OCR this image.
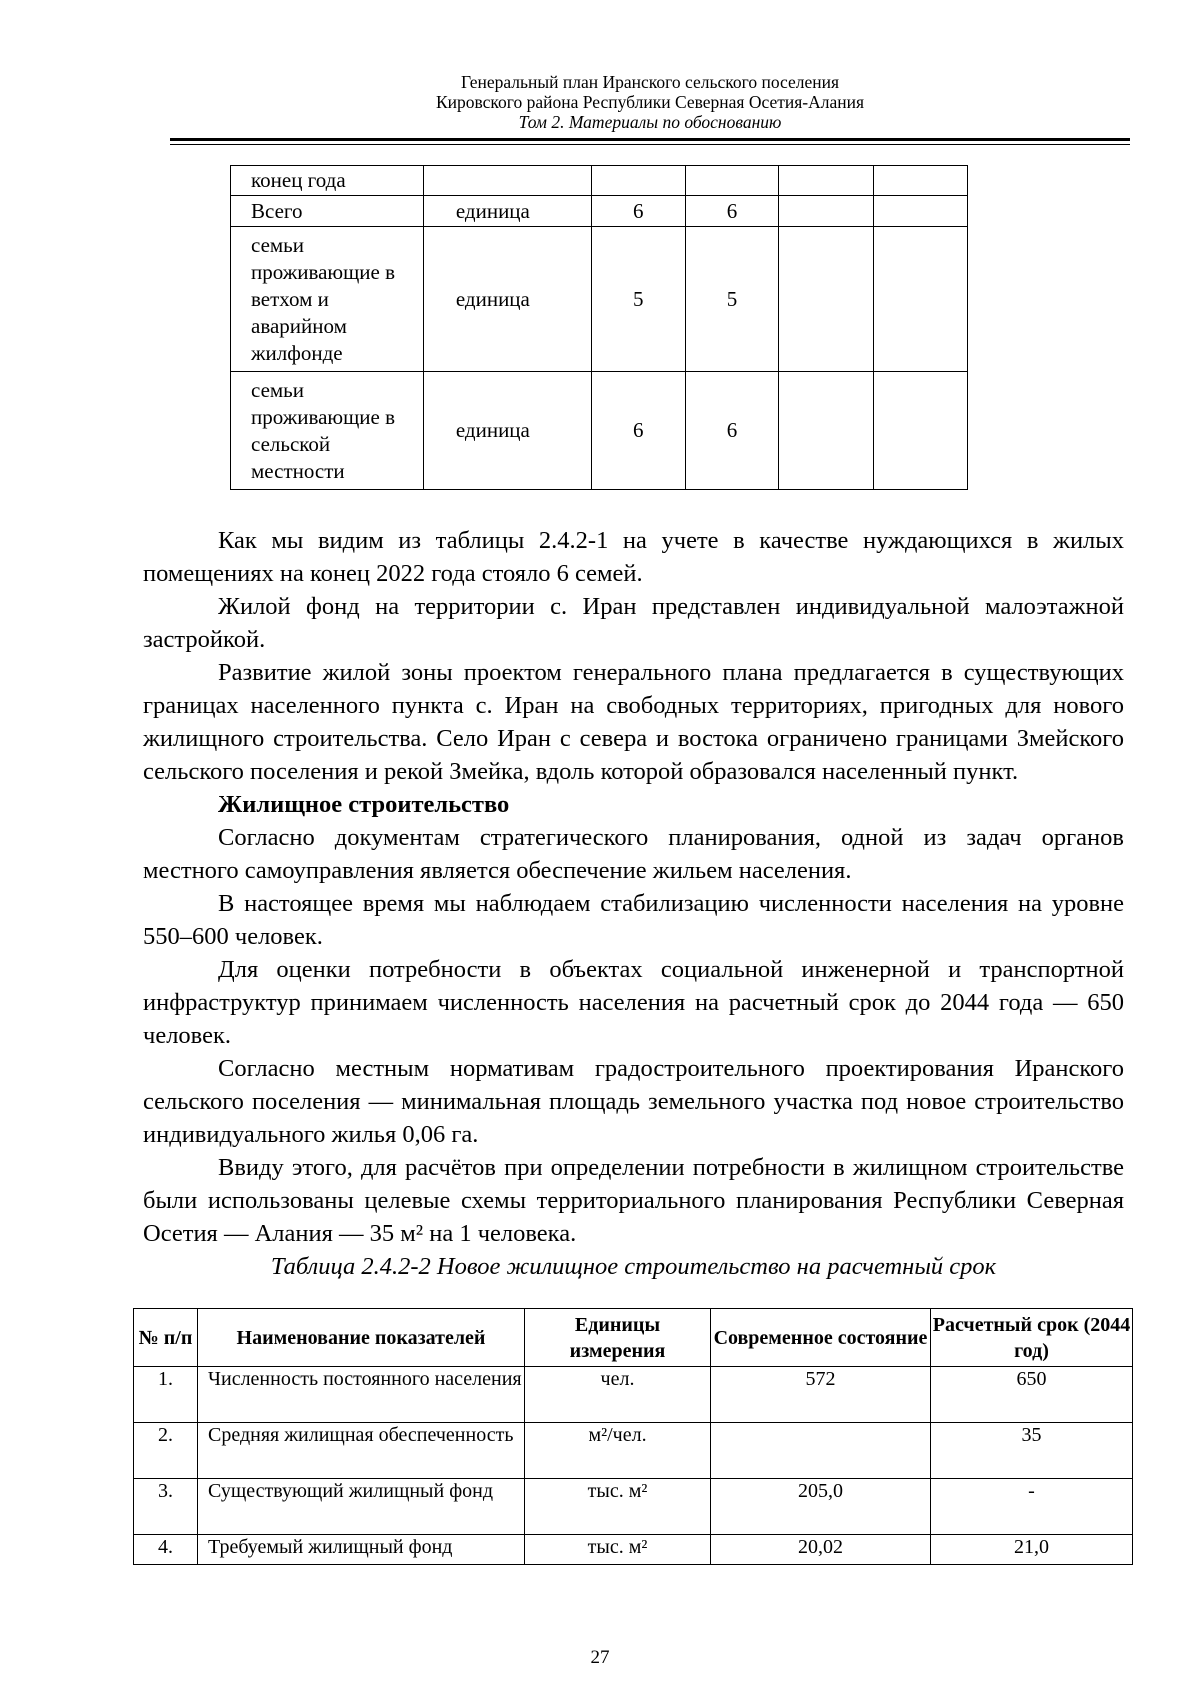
Генеральный план Иранского сельского поселения
Кировского района Республики Северная Осетия-Алания
Том 2. Материалы по обоснованию
конец года					
Всего	единица	6	6		
семьи проживающие в ветхом и аварийном жилфонде	единица	5	5		
семьи проживающие в сельской местности	единица	6	6		

Как мы видим из таблицы 2.4.2-1 на учете в качестве нуждающихся в жилых помещениях на конец 2022 года стояло 6 семей.

Жилой фонд на территории с. Иран представлен индивидуальной малоэтажной застройкой.

Развитие жилой зоны проектом генерального плана предлагается в существующих границах населенного пункта с. Иран на свободных территориях, пригодных для нового жилищного строительства. Село Иран с севера и востока ограничено границами Змейского сельского поселения и рекой Змейка, вдоль которой образовался населенный пункт.

Жилищное строительство

Согласно документам стратегического планирования, одной из задач органов местного самоуправления является обеспечение жильем населения.

В настоящее время мы наблюдаем стабилизацию численности населения на уровне 550–600 человек.

Для оценки потребности в объектах социальной инженерной и транспортной инфраструктур принимаем численность населения на расчетный срок до 2044 года — 650 человек.

Согласно местным нормативам градостроительного проектирования Иранского сельского поселения — минимальная площадь земельного участка под новое строительство индивидуального жилья 0,06 га.

Ввиду этого, для расчётов при определении потребности в жилищном строительстве были использованы целевые схемы территориального планирования Республики Северная Осетия — Алания — 35 м² на 1 человека.

Таблица 2.4.2-2 Новое жилищное строительство на расчетный срок

№ п/п	Наименование показателей	Единицы измерения	Современное состояние	Расчетный срок (2044 год)
1.	Численность постоянного населения	чел.	572	650
2.	Средняя жилищная обеспеченность	м²/чел.		35
3.	Существующий жилищный фонд	тыс. м²	205,0	-
4.	Требуемый жилищный фонд	тыс. м²	20,02	21,0
27
